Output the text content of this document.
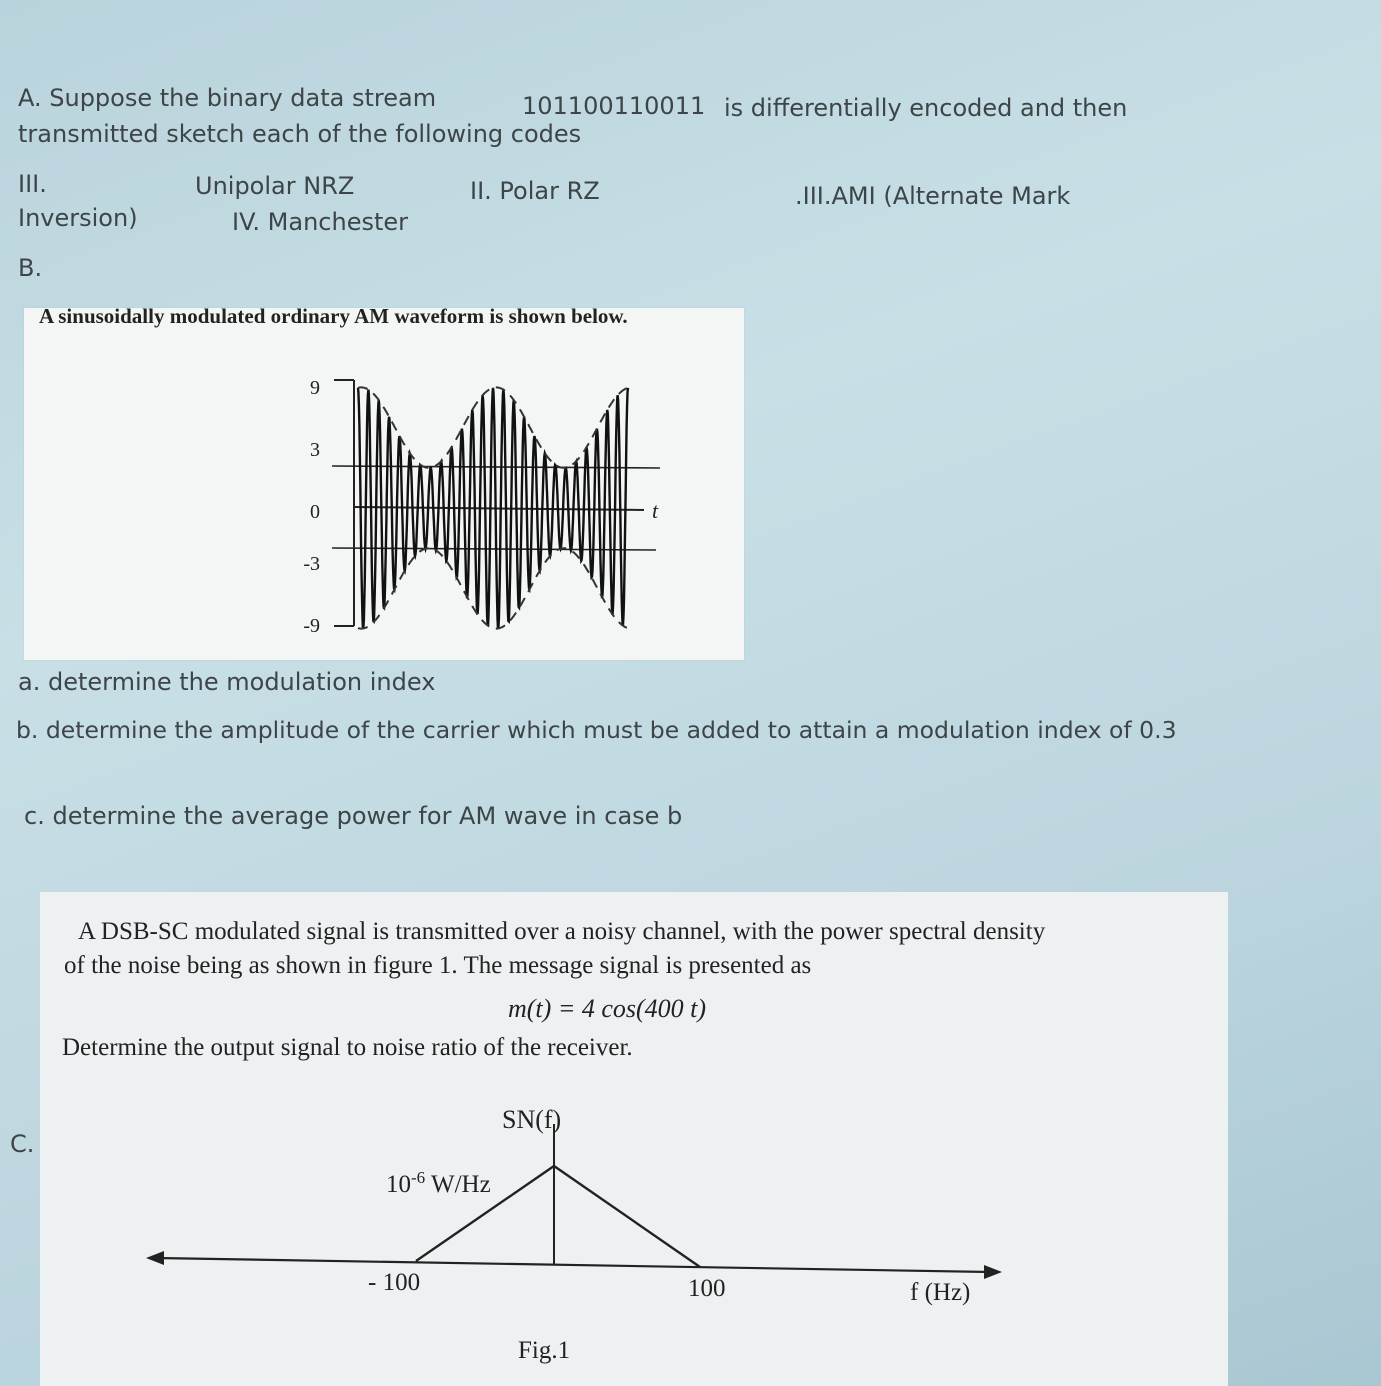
A. Suppose the binary data stream	101100110011 is differentially encoded and then
transmitted sketch each of the following codes
III.	Unipolar NRZ	II. Polar RZ	.III.AMI (Alternate Mark
Inversion)	IV. Manchester
B.
A sinusoidally modulated ordinary AM waveform is shown below.
9
3
0
-3
-9
t
a. determine the modulation index
b. determine the amplitude of the carrier which must be added to attain a modulation index of 0.3
c. determine the average power for AM wave in case b
A DSB-SC modulated signal is transmitted over a noisy channel, with the power spectral density
of the noise being as shown in figure 1. The message signal is presented as
m(t) = 4 cos(400 t)
Determine the output signal to noise ratio of the receiver.
SN(f)
$10^{-6}$ W/Hz
- 100	100	f (Hz)
Fig.1
C.
